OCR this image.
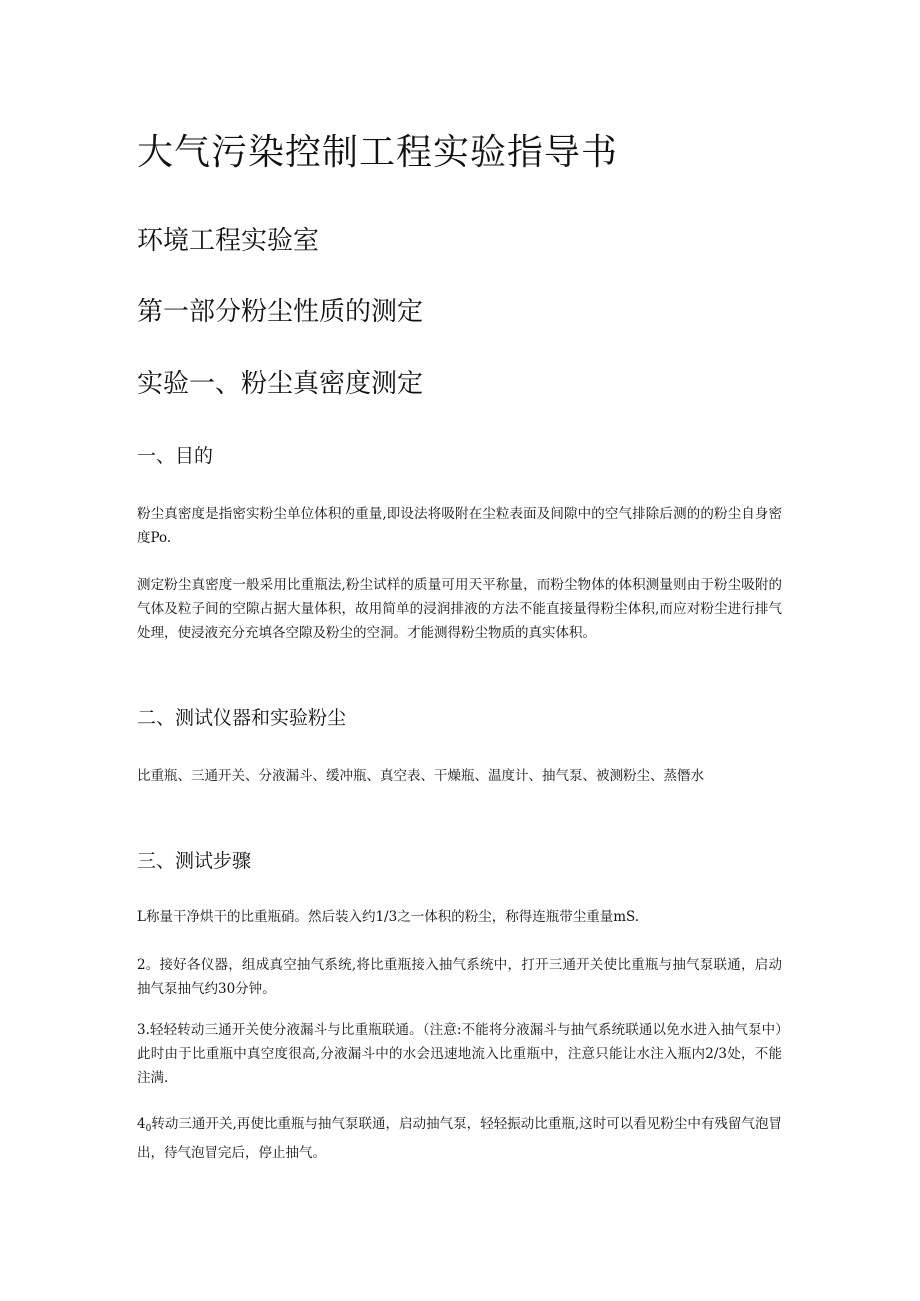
大气污染控制工程实验指导书
环境工程实验室
第一部分粉尘性质的测定
实验一、粉尘真密度测定
一、目的
粉尘真密度是指密实粉尘单位体积的重量,即设法将吸附在尘粒表面及间隙中的空气排除后测的的粉尘自身密度Po.
测定粉尘真密度一般采用比重瓶法,粉尘试样的质量可用天平称量，而粉尘物体的体积测量则由于粉尘吸附的气体及粒子间的空隙占据大量体积，故用简单的浸润排液的方法不能直接量得粉尘体积,而应对粉尘进行排气处理，使浸液充分充填各空隙及粉尘的空洞。才能测得粉尘物质的真实体积。
二、测试仪器和实验粉尘
比重瓶、三通开关、分液漏斗、缓冲瓶、真空表、干燥瓶、温度计、抽气泵、被测粉尘、蒸僭水
三、测试步骤
L称量干净烘干的比重瓶硝。然后装入约1/3之一体积的粉尘，称得连瓶带尘重量mS.
2。接好各仪器，组成真空抽气系统,将比重瓶接入抽气系统中，打开三通开关使比重瓶与抽气泵联通，启动抽气泵抽气约30分钟。
3.轻轻转动三通开关使分液漏斗与比重瓶联通。（注意:不能将分液漏斗与抽气系统联通以免水进入抽气泵中）此时由于比重瓶中真空度很高,分液漏斗中的水会迅速地流入比重瓶中，注意只能让水注入瓶内2/3处，不能注满.
$4_0$转动三通开关,再使比重瓶与抽气泵联通，启动抽气泵，轻轻振动比重瓶,这时可以看见粉尘中有残留气泡冒出，待气泡冒完后，停止抽气。
